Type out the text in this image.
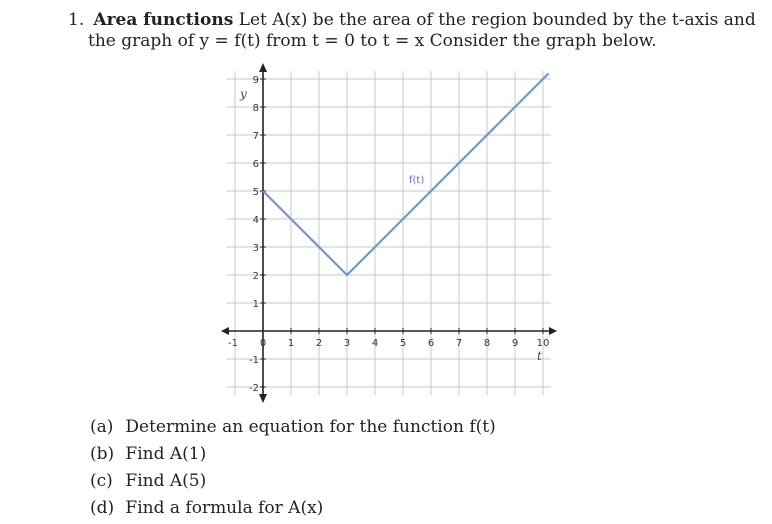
1. Area functions Let A(x) be the area of the region bounded by the t-axis and
the graph of y = f(t) from t = 0 to t = x Consider the graph below.
-1 0 1 2 3 4 5 6 7 8 9 10
-2
-1
1
2
3
4
5
6
7
8
9
y
t
f(t)
(a) Determine an equation for the function f(t)
(b) Find A(1)
(c) Find A(5)
(d) Find a formula for A(x)
